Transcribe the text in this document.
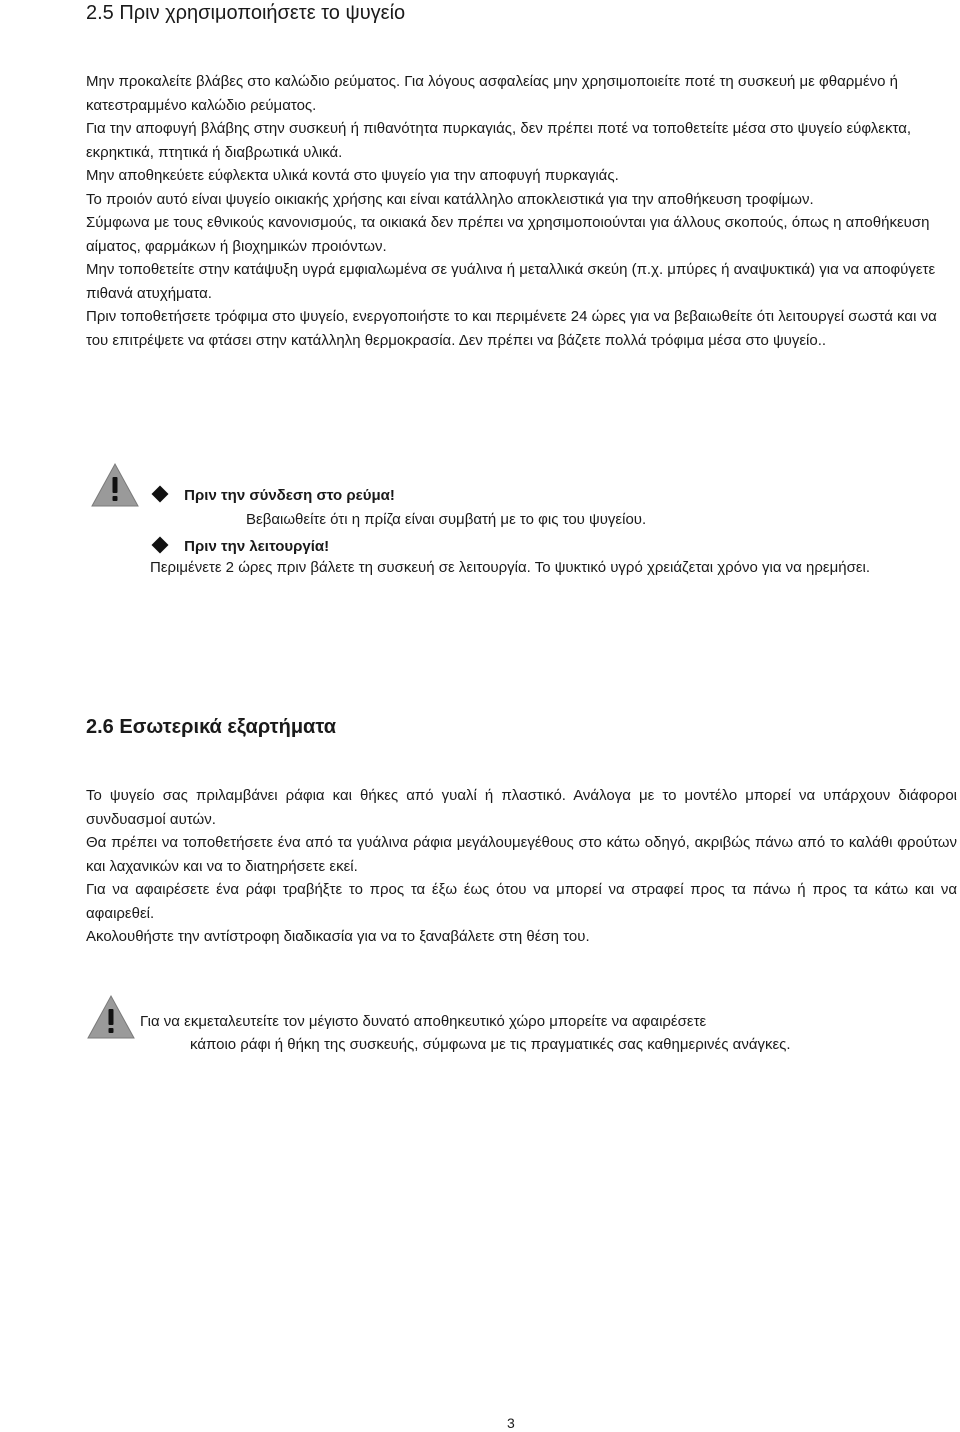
2.5 Πριν χρησιμοποιήσετε το ψυγείο

Μην προκαλείτε βλάβες στο καλώδιο ρεύματος. Για λόγους ασφαλείας μην χρησιμοποιείτε ποτέ τη συσκευή με φθαρμένο ή κατεστραμμένο καλώδιο ρεύματος.

Για την αποφυγή βλάβης στην συσκευή ή πιθανότητα πυρκαγιάς, δεν πρέπει ποτέ να τοποθετείτε μέσα στο ψυγείο εύφλεκτα, εκρηκτικά, πτητικά ή διαβρωτικά υλικά.

Μην αποθηκεύετε εύφλεκτα υλικά κοντά στο ψυγείο για την αποφυγή πυρκαγιάς.

Το προιόν αυτό είναι ψυγείο οικιακής χρήσης και είναι κατάλληλο αποκλειστικά για την αποθήκευση τροφίμων.

Σύμφωνα με τους εθνικούς κανονισμούς, τα οικιακά δεν πρέπει να χρησιμοποιούνται για άλλους σκοπούς, όπως η αποθήκευση αίματος, φαρμάκων ή βιοχημικών προιόντων.

Μην τοποθετείτε στην κατάψυξη υγρά εμφιαλωμένα σε γυάλινα ή μεταλλικά σκεύη (π.χ. μπύρες ή αναψυκτικά) για να αποφύγετε πιθανά ατυχήματα.

Πριν τοποθετήσετε τρόφιμα στο ψυγείο, ενεργοποιήστε το και περιμένετε 24 ώρες για να βεβαιωθείτε ότι λειτουργεί σωστά και να του επιτρέψετε να φτάσει στην κατάλληλη θερμοκρασία. Δεν πρέπει να βάζετε πολλά τρόφιμα μέσα στο ψυγείο..

Πριν την σύνδεση στο ρεύμα!
Βεβαιωθείτε ότι η πρίζα είναι συμβατή με το φις του ψυγείου.
Πριν την λειτουργία!
Περιμένετε 2 ώρες πριν βάλετε τη συσκευή σε λειτουργία. Το ψυκτικό υγρό χρειάζεται χρόνο για να ηρεμήσει.
2.6 Εσωτερικά εξαρτήματα

Το ψυγείο σας πριλαμβάνει ράφια και θήκες από γυαλί ή πλαστικό. Ανάλογα με το μοντέλο μπορεί να υπάρχουν διάφοροι συνδυασμοί αυτών.

Θα πρέπει να τοποθετήσετε ένα από τα γυάλινα ράφια μεγάλουμεγέθους στο κάτω οδηγό, ακριβώς πάνω από το καλάθι φρούτων και λαχανικών και να το διατηρήσετε εκεί.

Για να αφαιρέσετε ένα ράφι τραβήξτε το προς τα έξω έως ότου να μπορεί να στραφεί προς τα πάνω ή προς τα κάτω και να αφαιρεθεί.

Ακολουθήστε την αντίστροφη διαδικασία για να το ξαναβάλετε στη θέση του.

Για να εκμεταλευτείτε τον μέγιστο δυνατό αποθηκευτικό χώρο μπορείτε να αφαιρέσετε
κάποιο ράφι ή θήκη της συσκευής, σύμφωνα με τις πραγματικές σας καθημερινές ανάγκες.
3
